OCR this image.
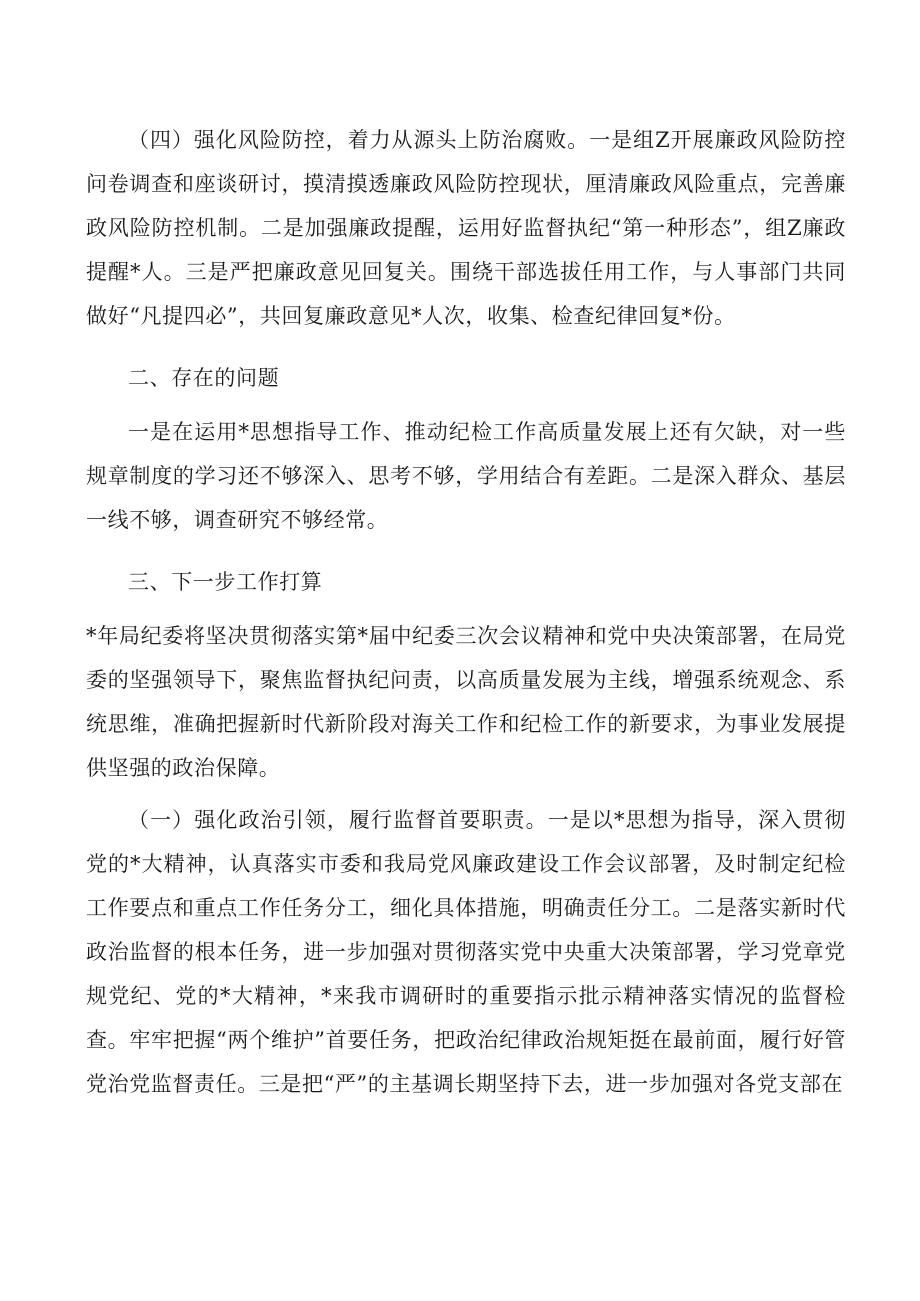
（四）强化风险防控，着力从源头上防治腐败。一是组Z开展廉政风险防控问卷调查和座谈研讨，摸清摸透廉政风险防控现状，厘清廉政风险重点，完善廉政风险防控机制。二是加强廉政提醒，运用好监督执纪“第一种形态”，组Z廉政提醒*人。三是严把廉政意见回复关。围绕干部选拔任用工作，与人事部门共同做好“凡提四必”，共回复廉政意见*人次，收集、检查纪律回复*份。

二、存在的问题

一是在运用*思想指导工作、推动纪检工作高质量发展上还有欠缺，对一些规章制度的学习还不够深入、思考不够，学用结合有差距。二是深入群众、基层一线不够，调查研究不够经常。

三、下一步工作打算

*年局纪委将坚决贯彻落实第*届中纪委三次会议精神和党中央决策部署，在局党委的坚强领导下，聚焦监督执纪问责，以高质量发展为主线，增强系统观念、系统思维，准确把握新时代新阶段对海关工作和纪检工作的新要求，为事业发展提供坚强的政治保障。

（一）强化政治引领，履行监督首要职责。一是以*思想为指导，深入贯彻党的*大精神，认真落实市委和我局党风廉政建设工作会议部署，及时制定纪检工作要点和重点工作任务分工，细化具体措施，明确责任分工。二是落实新时代政治监督的根本任务，进一步加强对贯彻落实党中央重大决策部署，学习党章党规党纪、党的*大精神，*来我市调研时的重要指示批示精神落实情况的监督检查。牢牢把握“两个维护”首要任务，把政治纪律政治规矩挺在最前面，履行好管党治党监督责任。三是把“严”的主基调长期坚持下去，进一步加强对各党支部在
